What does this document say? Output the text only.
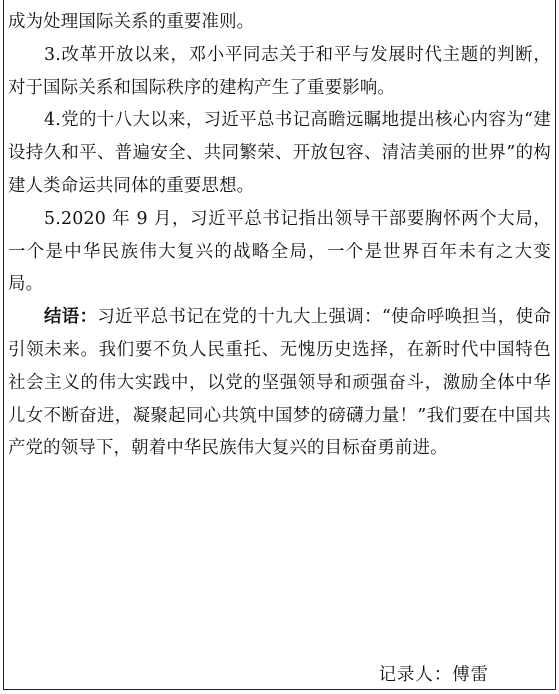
成为处理国际关系的重要准则。

3.改革开放以来，邓小平同志关于和平与发展时代主题的判断，对于国际关系和国际秩序的建构产生了重要影响。

4.党的十八大以来，习近平总书记高瞻远瞩地提出核心内容为“建设持久和平、普遍安全、共同繁荣、开放包容、清洁美丽的世界”的构建人类命运共同体的重要思想。

5.2020 年 9 月，习近平总书记指出领导干部要胸怀两个大局，一个是中华民族伟大复兴的战略全局，一个是世界百年未有之大变局。

结语：习近平总书记在党的十九大上强调：“使命呼唤担当，使命引领未来。我们要不负人民重托、无愧历史选择，在新时代中国特色社会主义的伟大实践中，以党的坚强领导和顽强奋斗，激励全体中华儿女不断奋进，凝聚起同心共筑中国梦的磅礴力量！”我们要在中国共产党的领导下，朝着中华民族伟大复兴的目标奋勇前进。

记录人：傅雷
